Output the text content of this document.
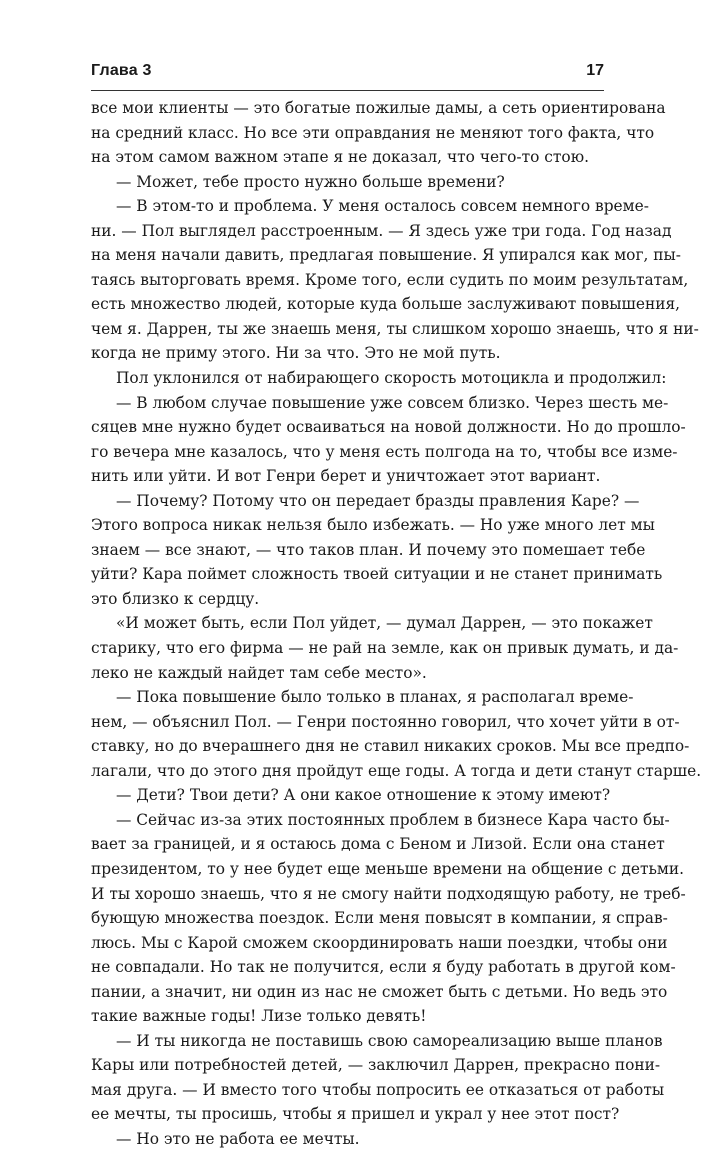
Глава 3	17
все мои клиенты — это богатые пожилые дамы, а сеть ориентирована
на средний класс. Но все эти оправдания не меняют того факта, что
на этом самом важном этапе я не доказал, что чего-то стою.
— Может, тебе просто нужно больше времени?
— В этом-то и проблема. У меня осталось совсем немного време-
ни. — Пол выглядел расстроенным. — Я здесь уже три года. Год назад
на меня начали давить, предлагая повышение. Я упирался как мог, пы-
таясь выторговать время. Кроме того, если судить по моим результатам,
есть множество людей, которые куда больше заслуживают повышения,
чем я. Даррен, ты же знаешь меня, ты слишком хорошо знаешь, что я ни-
когда не приму этого. Ни за что. Это не мой путь.
Пол уклонился от набирающего скорость мотоцикла и продолжил:
— В любом случае повышение уже совсем близко. Через шесть ме-
сяцев мне нужно будет осваиваться на новой должности. Но до прошло-
го вечера мне казалось, что у меня есть полгода на то, чтобы все изме-
нить или уйти. И вот Генри берет и уничтожает этот вариант.
— Почему? Потому что он передает бразды правления Каре? —
Этого вопроса никак нельзя было избежать. — Но уже много лет мы
знаем — все знают, — что таков план. И почему это помешает тебе
уйти? Кара поймет сложность твоей ситуации и не станет принимать
это близко к сердцу.
«И может быть, если Пол уйдет, — думал Даррен, — это покажет
старику, что его фирма — не рай на земле, как он привык думать, и да-
леко не каждый найдет там себе место».
— Пока повышение было только в планах, я располагал времe-
нем, — объяснил Пол. — Генри постоянно говорил, что хочет уйти в от-
ставку, но до вчерашнего дня не ставил никаких сроков. Мы все предпо-
лагали, что до этого дня пройдут еще годы. А тогда и дети станут старше.
— Дети? Твои дети? А они какое отношение к этому имеют?
— Сейчас из-за этих постоянных проблем в бизнесе Кара часто бы-
вает за границей, и я остаюсь дома с Беном и Лизой. Если она станет
президентом, то у нее будет еще меньше времени на общение с детьми.
И ты хорошо знаешь, что я не смогу найти подходящую работу, не треб-
бующую множества поездок. Если меня повысят в компании, я справ-
люсь. Мы с Карой сможем скоординировать наши поездки, чтобы они
не совпадали. Но так не получится, если я буду работать в другой ком-
пании, а значит, ни один из нас не сможет быть с детьми. Но ведь это
такие важные годы! Лизе только девять!
— И ты никогда не поставишь свою самореализацию выше планов
Кары или потребностей детей, — заключил Даррен, прекрасно пони-
мая друга. — И вместо того чтобы попросить ее отказаться от работы
ее мечты, ты просишь, чтобы я пришел и украл у нее этот пост?
— Но это не работа ее мечты.
